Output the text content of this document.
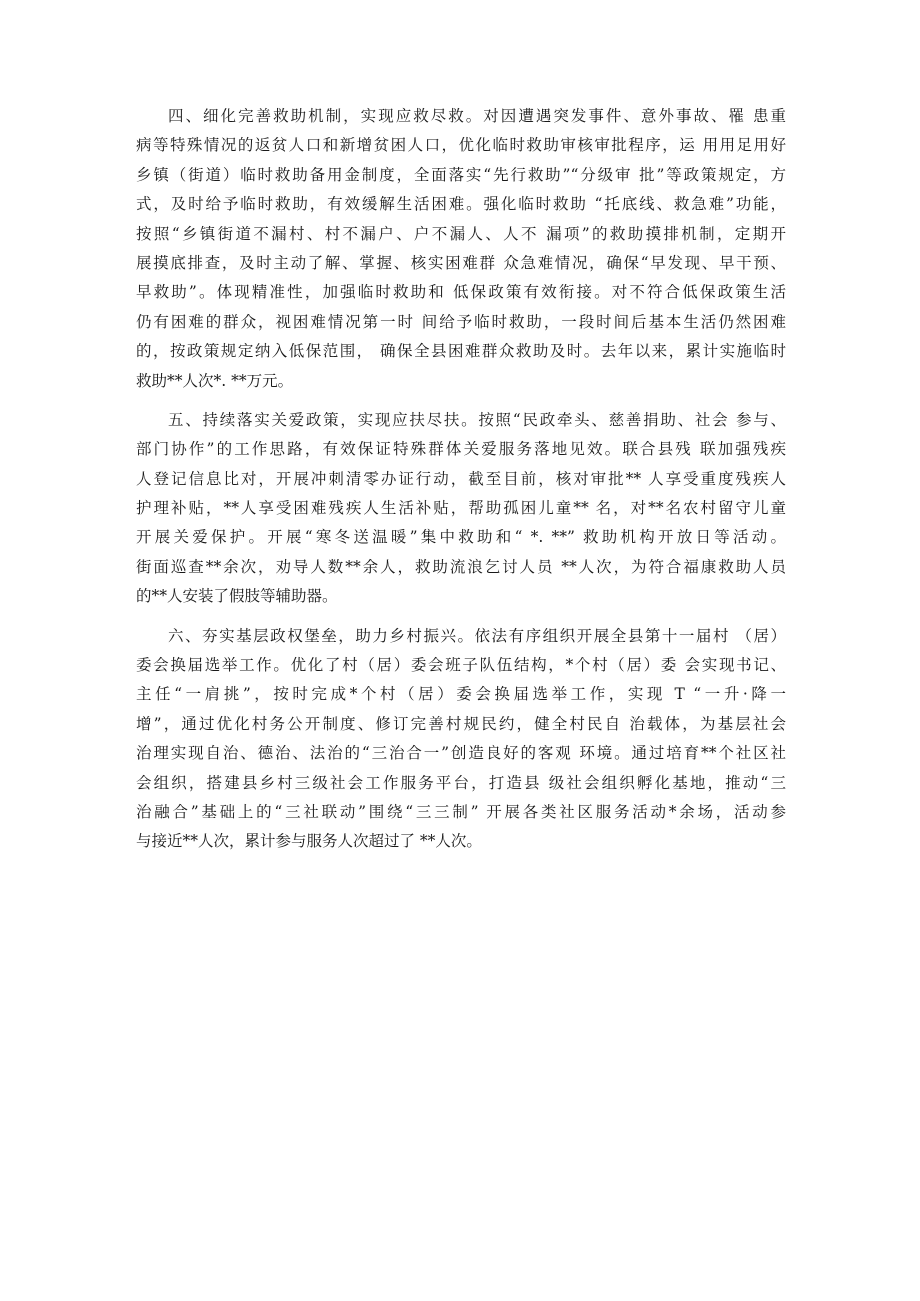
四、细化完善救助机制，实现应救尽救。对因遭遇突发事件、意外事故、罹 患重
病等特殊情况的返贫人口和新增贫困人口，优化临时救助审核审批程序，运 用用足用好
乡镇（街道）临时救助备用金制度，全面落实“先行救助”“分级审 批”等政策规定，方
式，及时给予临时救助，有效缓解生活困难。强化临时救助 “托底线、救急难”功能，
按照“乡镇街道不漏村、村不漏户、户不漏人、人不 漏项”的救助摸排机制，定期开
展摸底排查，及时主动了解、掌握、核实困难群 众急难情况，确保“早发现、早干预、
早救助”。体现精准性，加强临时救助和 低保政策有效衔接。对不符合低保政策生活
仍有困难的群众，视困难情况第一时 间给予临时救助，一段时间后基本生活仍然困难
的，按政策规定纳入低保范围， 确保全县困难群众救助及时。去年以来，累计实施临时
救助**人次*. **万元。
五、持续落实关爱政策，实现应扶尽扶。按照“民政牵头、慈善捐助、社会 参与、
部门协作”的工作思路，有效保证特殊群体关爱服务落地见效。联合县残 联加强残疾
人登记信息比对，开展冲刺清零办证行动，截至目前，核对审批** 人享受重度残疾人
护理补贴，**人享受困难残疾人生活补贴，帮助孤困儿童** 名，对**名农村留守儿童
开展关爱保护。开展“寒冬送温暖”集中救助和“ *. **” 救助机构开放日等活动。
街面巡查**余次，劝导人数**余人，救助流浪乞讨人员 **人次，为符合福康救助人员
的**人安装了假肢等辅助器。
六、夯实基层政权堡垒，助力乡村振兴。依法有序组织开展全县第十一届村 （居）
委会换届选举工作。优化了村（居）委会班子队伍结构，*个村（居）委 会实现书记、
主任“一肩挑”，按时完成*个村（居）委会换届选举工作，实现 T “一升·降一
增”，通过优化村务公开制度、修订完善村规民约，健全村民自 治载体，为基层社会
治理实现自治、德治、法治的“三治合一”创造良好的客观 环境。通过培育**个社区社
会组织，搭建县乡村三级社会工作服务平台，打造县 级社会组织孵化基地，推动“三
治融合”基础上的“三社联动”围绕“三三制” 开展各类社区服务活动*余场，活动参
与接近**人次，累计参与服务人次超过了 **人次。
